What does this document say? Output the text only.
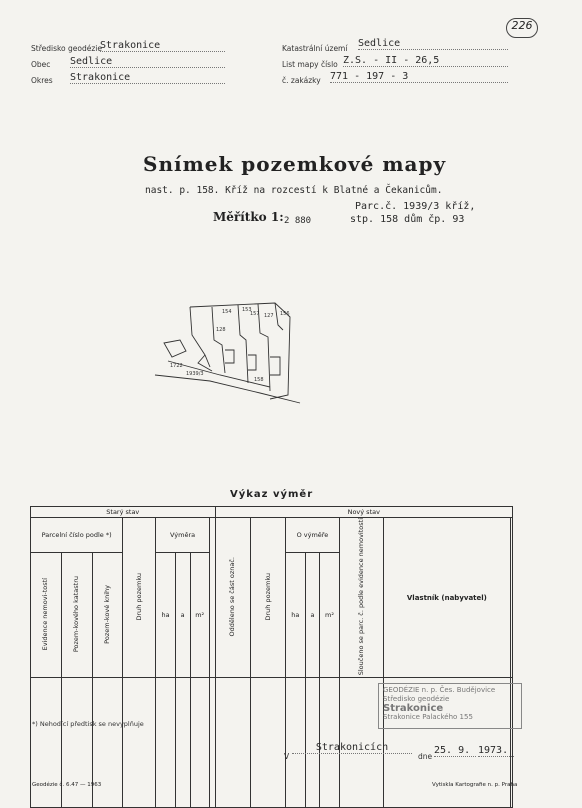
Středisko geodézie
Strakonice
Obec Sedlice
Okres Strakonice
Katastrální území Sedlice
List mapy číslo Z.S. - II - 26,5
č. zakázky 771 - 197 - 3
226
Snímek pozemkové mapy
nast. p. 158. Kříž na rozcestí k Blatné a Čekanicům.
Měřítko 1: 2 880
Parc.č. 1939/3 kříž,
stp. 158 dům čp. 93
154 153
157 127 156
128
1939/3
1722
158
Výkaz výměr
Starý stav								Nový stav							
Parcelní číslo podle *)			Druh pozemku	Výměra				Odděleno se část označ.	Druh pozemku	O výměře			Sloučeno se parc. č. podle evidence nemovitostí	Vlastník (nabyvatel)	
Evidence nemovi-tostí	Pozem-kového katastru	Pozem-kové knihy		ha	a	m²				ha	a	m²			

GEODÉZIE n. p. Čes. Budějovice
Středisko geodézie
Strakonice
Strakonice Palackého 155
*) Nehodící předtisk se nevyplňuje
V
Strakonicích
dne
25. 9. 1973.
Geodézie č. 6.47 — 1963	Vytiskla Kartografie n. p. Praha
